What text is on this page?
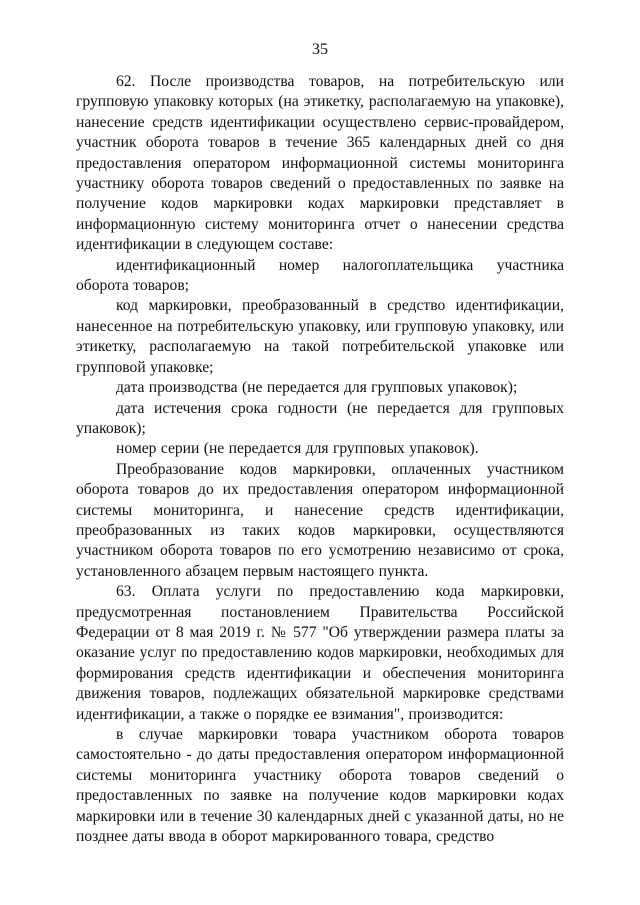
35

62. После производства товаров, на потребительскую или групповую упаковку которых (на этикетку, располагаемую на упаковке), нанесение средств идентификации осуществлено сервис-провайдером, участник оборота товаров в течение 365 календарных дней со дня предоставления оператором информационной системы мониторинга участнику оборота товаров сведений о предоставленных по заявке на получение кодов маркировки кодах маркировки представляет в информационную систему мониторинга отчет о нанесении средства идентификации в следующем составе:

идентификационный номер налогоплательщика участника оборота товаров;

код маркировки, преобразованный в средство идентификации, нанесенное на потребительскую упаковку, или групповую упаковку, или этикетку, располагаемую на такой потребительской упаковке или групповой упаковке;

дата производства (не передается для групповых упаковок);

дата истечения срока годности (не передается для групповых упаковок);

номер серии (не передается для групповых упаковок).

Преобразование кодов маркировки, оплаченных участником оборота товаров до их предоставления оператором информационной системы мониторинга, и нанесение средств идентификации, преобразованных из таких кодов маркировки, осуществляются участником оборота товаров по его усмотрению независимо от срока, установленного абзацем первым настоящего пункта.

63. Оплата услуги по предоставлению кода маркировки, предусмотренная постановлением Правительства Российской Федерации от 8 мая 2019 г. № 577 "Об утверждении размера платы за оказание услуг по предоставлению кодов маркировки, необходимых для формирования средств идентификации и обеспечения мониторинга движения товаров, подлежащих обязательной маркировке средствами идентификации, а также о порядке ее взимания", производится:

в случае маркировки товара участником оборота товаров самостоятельно - до даты предоставления оператором информационной системы мониторинга участнику оборота товаров сведений о предоставленных по заявке на получение кодов маркировки кодах маркировки или в течение 30 календарных дней с указанной даты, но не позднее даты ввода в оборот маркированного товара, средство
